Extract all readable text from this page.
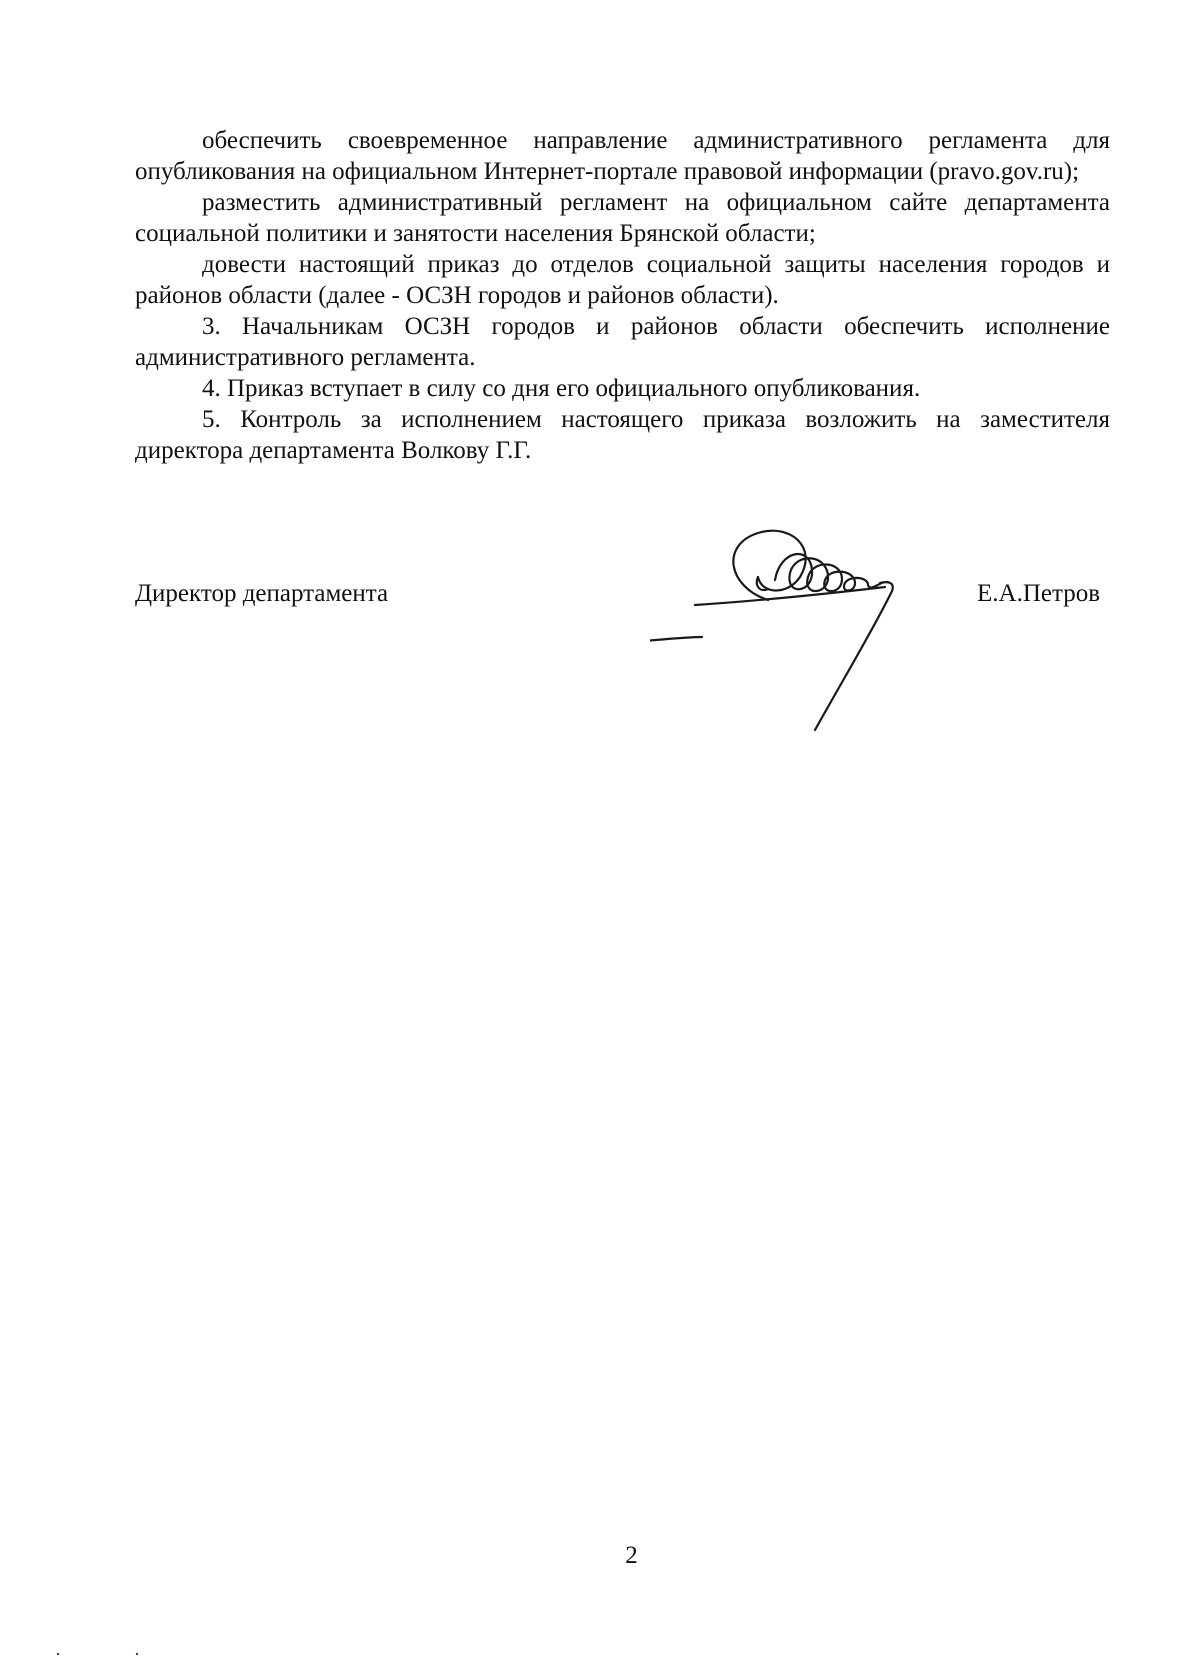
обеспечить своевременное направление административного регламента для опубликования на официальном Интернет-портале правовой информации (pravo.gov.ru);

разместить административный регламент на официальном сайте департамента социальной политики и занятости населения Брянской области;

довести настоящий приказ до отделов социальной защиты населения городов и районов области (далее - ОСЗН городов и районов области).

3. Начальникам ОСЗН городов и районов области обеспечить исполнение административного регламента.

4. Приказ вступает в силу со дня его официального опубликования.

5. Контроль за исполнением настоящего приказа возложить на заместителя директора департамента Волкову Г.Г.

Директор департамента	Е.А.Петров
2
